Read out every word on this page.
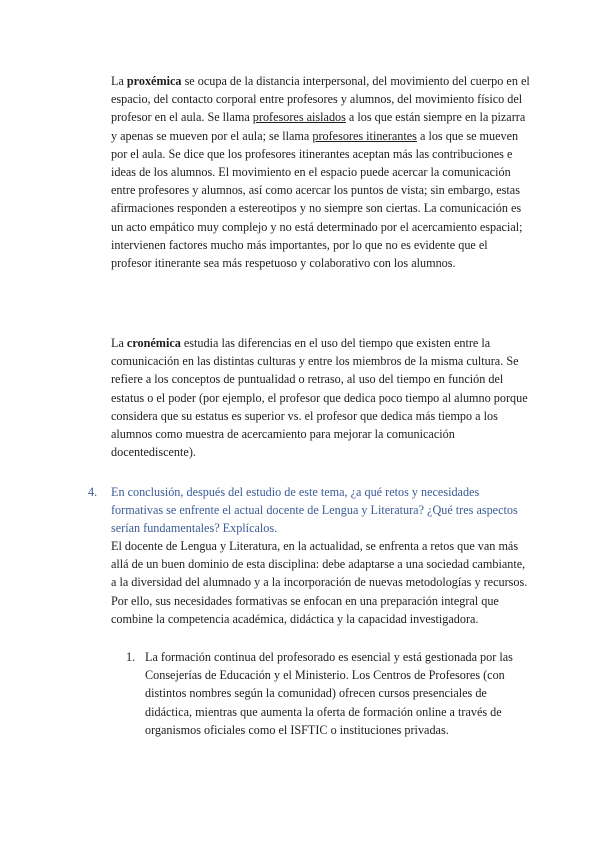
La proxémica se ocupa de la distancia interpersonal, del movimiento del cuerpo en el espacio, del contacto corporal entre profesores y alumnos, del movimiento físico del profesor en el aula. Se llama profesores aislados a los que están siempre en la pizarra y apenas se mueven por el aula; se llama profesores itinerantes a los que se mueven por el aula. Se dice que los profesores itinerantes aceptan más las contribuciones e ideas de los alumnos. El movimiento en el espacio puede acercar la comunicación entre profesores y alumnos, así como acercar los puntos de vista; sin embargo, estas afirmaciones responden a estereotipos y no siempre son ciertas. La comunicación es un acto empático muy complejo y no está determinado por el acercamiento espacial; intervienen factores mucho más importantes, por lo que no es evidente que el profesor itinerante sea más respetuoso y colaborativo con los alumnos.

La cronémica estudia las diferencias en el uso del tiempo que existen entre la comunicación en las distintas culturas y entre los miembros de la misma cultura. Se refiere a los conceptos de puntualidad o retraso, al uso del tiempo en función del estatus o el poder (por ejemplo, el profesor que dedica poco tiempo al alumno porque considera que su estatus es superior vs. el profesor que dedica más tiempo a los alumnos como muestra de acercamiento para mejorar la comunicación docentediscente).

4. En conclusión, después del estudio de este tema, ¿a qué retos y necesidades formativas se enfrente el actual docente de Lengua y Literatura? ¿Qué tres aspectos serían fundamentales? Explícalos.

El docente de Lengua y Literatura, en la actualidad, se enfrenta a retos que van más allá de un buen dominio de esta disciplina: debe adaptarse a una sociedad cambiante, a la diversidad del alumnado y a la incorporación de nuevas metodologías y recursos. Por ello, sus necesidades formativas se enfocan en una preparación integral que combine la competencia académica, didáctica y la capacidad investigadora.

1. La formación continua del profesorado es esencial y está gestionada por las Consejerías de Educación y el Ministerio. Los Centros de Profesores (con distintos nombres según la comunidad) ofrecen cursos presenciales de didáctica, mientras que aumenta la oferta de formación online a través de organismos oficiales como el ISFTIC o instituciones privadas.
